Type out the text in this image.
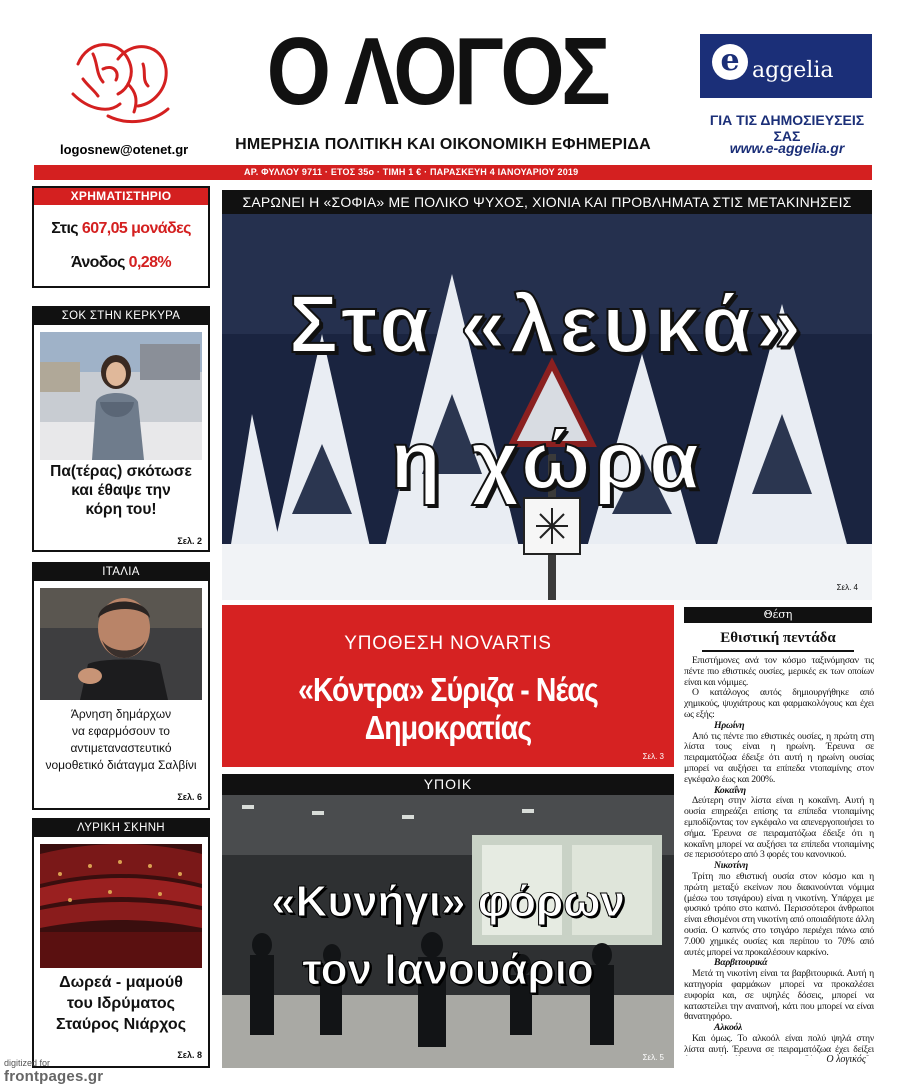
logosnew@otenet.gr
Ο ΛΟΓΟΣ
ΗΜΕΡΗΣΙΑ ΠΟΛΙΤΙΚΗ ΚΑΙ ΟΙΚΟΝΟΜΙΚΗ ΕΦΗΜΕΡΙΔΑ
e aggelia
ΓΙΑ ΤΙΣ ΔΗΜΟΣΙΕΥΣΕΙΣ ΣΑΣ
www.e-aggelia.gr
ΑΡ. ΦΥΛΛΟΥ 9711 · ΕΤΟΣ 35ο · ΤΙΜΗ 1 € · ΠΑΡΑΣΚΕΥΗ 4 ΙΑΝΟΥΑΡΙΟΥ 2019
ΧΡΗΜΑΤΙΣΤΗΡΙΟ
Στις 607,05 μονάδες
Άνοδος 0,28%
ΣΟΚ ΣΤΗΝ ΚΕΡΚΥΡΑ
Πα(τέρας) σκότωσε
και έθαψε την
κόρη του!
Σελ. 2
ΙΤΑΛΙΑ
Άρνηση δημάρχων
να εφαρμόσουν το
αντιμεταναστευτικό
νομοθετικό διάταγμα Σαλβίνι
Σελ. 6
ΛΥΡΙΚΗ ΣΚΗΝΗ
Δωρεά - μαμούθ
του Ιδρύματος
Σταύρος Νιάρχος
Σελ. 8
ΣΑΡΩΝΕΙ Η «ΣΟΦΙΑ» ΜΕ ΠΟΛΙΚΟ ΨΥΧΟΣ, ΧΙΟΝΙΑ ΚΑΙ ΠΡΟΒΛΗΜΑΤΑ ΣΤΙΣ ΜΕΤΑΚΙΝΗΣΕΙΣ
Στα «λευκά»
η χώρα
Σελ. 4
ΥΠΟΘΕΣΗ NOVARTIS
«Κόντρα» Σύριζα - Νέας Δημοκρατίας
Σελ. 3
ΥΠΟΙΚ
«Κυνήγι» φόρων
τον Ιανουάριο
Σελ. 5
Θέση
Εθιστική πεντάδα

Επιστήμονες ανά τον κόσμο ταξινόμησαν τις πέντε πιο εθιστικές ουσίες, μερικές εκ των οποίων είναι και νόμιμες.

Ο κατάλογος αυτός δημιουργήθηκε από χημικούς, ψυχιάτρους και φαρμακολόγους και έχει ως εξής:

Ηρωίνη

Από τις πέντε πιο εθιστικές ουσίες, η πρώτη στη λίστα τους είναι η ηρωίνη. Έρευνα σε πειραματόζωα έδειξε ότι αυτή η ηρωίνη ουσίας μπορεί να αυξήσει τα επίπεδα ντοπαμίνης στον εγκέφαλο έως και 200%.

Κοκαΐνη

Δεύτερη στην λίστα είναι η κοκαΐνη. Αυτή η ουσία επηρεάζει επίσης τα επίπεδα ντοπαμίνης εμποδίζοντας τον εγκέφαλο να απενεργοποιήσει το σήμα. Έρευνα σε πειραματόζωα έδειξε ότι η κοκαΐνη μπορεί να αυξήσει τα επίπεδα ντοπαμίνης σε περισσότερο από 3 φορές του κανονικού.

Νικοτίνη

Τρίτη πιο εθιστική ουσία στον κόσμο και η πρώτη μεταξύ εκείνων που διακινούνται νόμιμα (μέσω του τσιγάρου) είναι η νικοτίνη. Υπάρχει με φυσικό τρόπο στο καπνό. Περισσότεροι άνθρωποι είναι εθισμένοι στη νικοτίνη από οποιαδήποτε άλλη ουσία. Ο καπνός στο τσιγάρο περιέχει πάνω από 7.000 χημικές ουσίες και περίπου το 70% από αυτές μπορεί να προκαλέσουν καρκίνο.

Βαρβιτουρικά

Μετά τη νικοτίνη είναι τα βαρβιτουρικά. Αυτή η κατηγορία φαρμάκων μπορεί να προκαλέσει ευφορία και, σε υψηλές δόσεις, μπορεί να καταστείλει την αναπνοή, κάτι που μπορεί να είναι θανατηφόρο.

Αλκοόλ

Και όμως. Το αλκοόλ είναι πολύ ψηλά στην λίστα αυτή. Έρευνα σε πειραματόζωα έχει δείξει

Ο λογικός
digitized for
frontpages.gr
